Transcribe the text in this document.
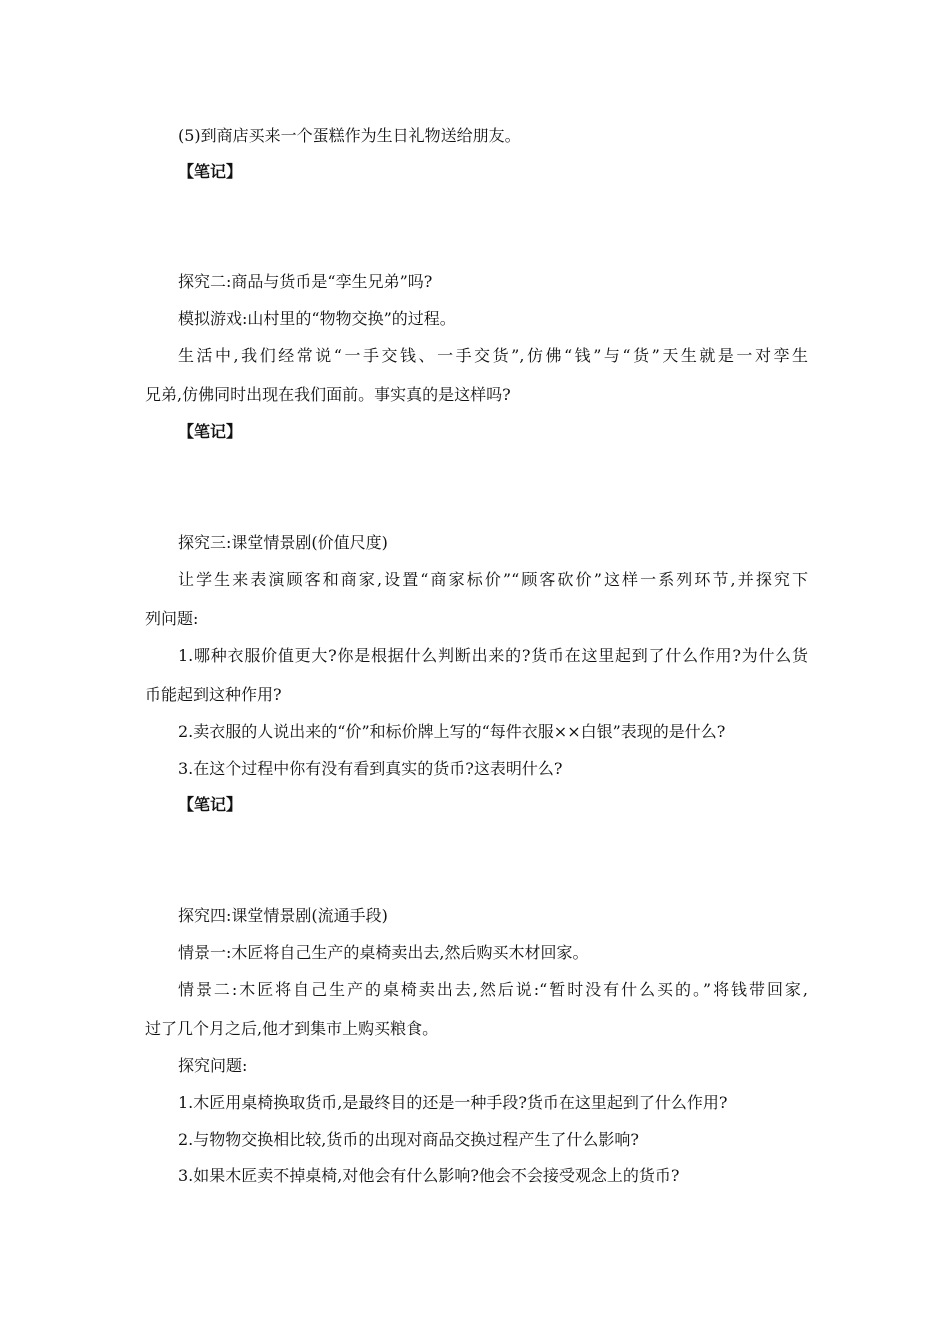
(5)到商店买来一个蛋糕作为生日礼物送给朋友。
【笔记】
探究二:商品与货币是“孪生兄弟”吗?
模拟游戏:山村里的“物物交换”的过程。
生活中,我们经常说“一手交钱、一手交货”,仿佛“钱”与“货”天生就是一对孪生
兄弟,仿佛同时出现在我们面前。事实真的是这样吗?
【笔记】
探究三:课堂情景剧(价值尺度)
让学生来表演顾客和商家,设置“商家标价”“顾客砍价”这样一系列环节,并探究下
列问题:
1.哪种衣服价值更大?你是根据什么判断出来的?货币在这里起到了什么作用?为什么货
币能起到这种作用?
2.卖衣服的人说出来的“价”和标价牌上写的“每件衣服××白银”表现的是什么?
3.在这个过程中你有没有看到真实的货币?这表明什么?
【笔记】
探究四:课堂情景剧(流通手段)
情景一:木匠将自己生产的桌椅卖出去,然后购买木材回家。
情景二:木匠将自己生产的桌椅卖出去,然后说:“暂时没有什么买的。”将钱带回家,
过了几个月之后,他才到集市上购买粮食。
探究问题:
1.木匠用桌椅换取货币,是最终目的还是一种手段?货币在这里起到了什么作用?
2.与物物交换相比较,货币的出现对商品交换过程产生了什么影响?
3.如果木匠卖不掉桌椅,对他会有什么影响?他会不会接受观念上的货币?
